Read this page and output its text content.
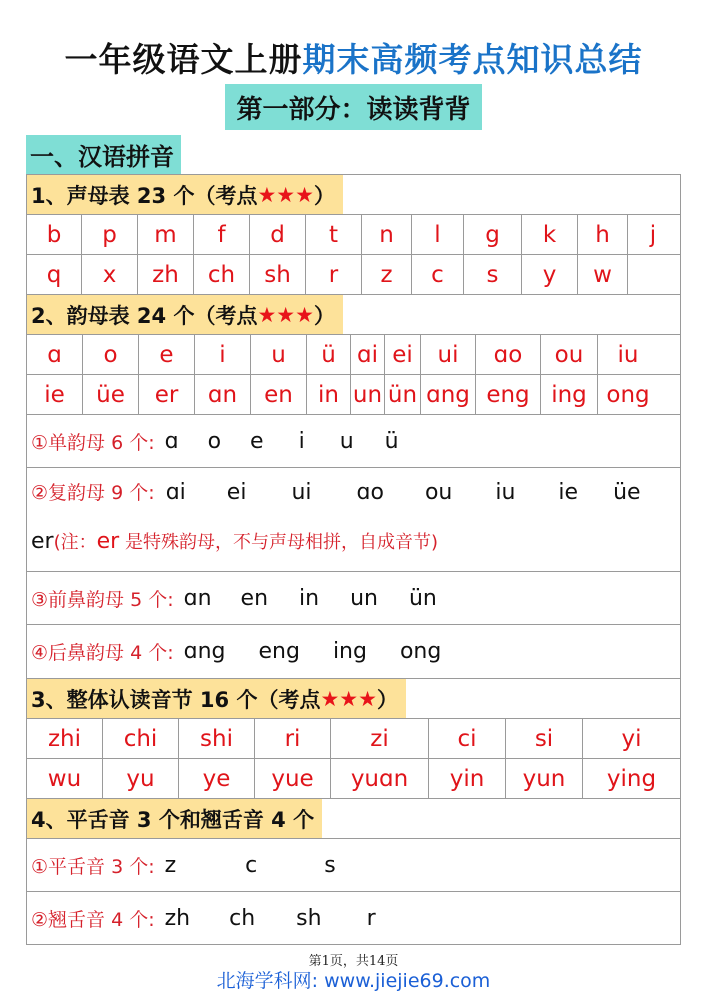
一年级语文上册期末高频考点知识总结
第一部分：读读背背
一、汉语拼音
1、声母表 23 个（考点 ★★★ ）
b	p	m	f	d	t	n	l	g	k	h	j
q	x	zh	ch	sh	r	z	c	s	y	w
2、韵母表 24 个（考点 ★★★ ）
ɑ	o	e	i	u	ü ɑi ei	ui	ɑo	ou	iu
ie	üe	er	ɑn	en	in un ün ɑng eng ing ong
①单韵母 6 个: ɑ o e i u ü
②复韵母 9 个: ɑi ei ui ɑo ou iu ie üe
er(注：er 是特殊韵母，不与声母相拼，自成音节)
③前鼻韵母 5 个: ɑn en in un ün
④后鼻韵母 4 个: ɑng eng ing ong
3、整体认读音节 16 个（考点 ★★★ ）
zhi	chi	shi	ri	zi	ci	si	yi
wu	yu	ye	yue	yuɑn	yin	yun	ying
4、平舌音 3 个和翘舌音 4 个
①平舌音 3 个: z	c	s
②翘舌音 4 个: zh ch sh r
第1页，共14页
北海学科网: www.jiejie69.com
